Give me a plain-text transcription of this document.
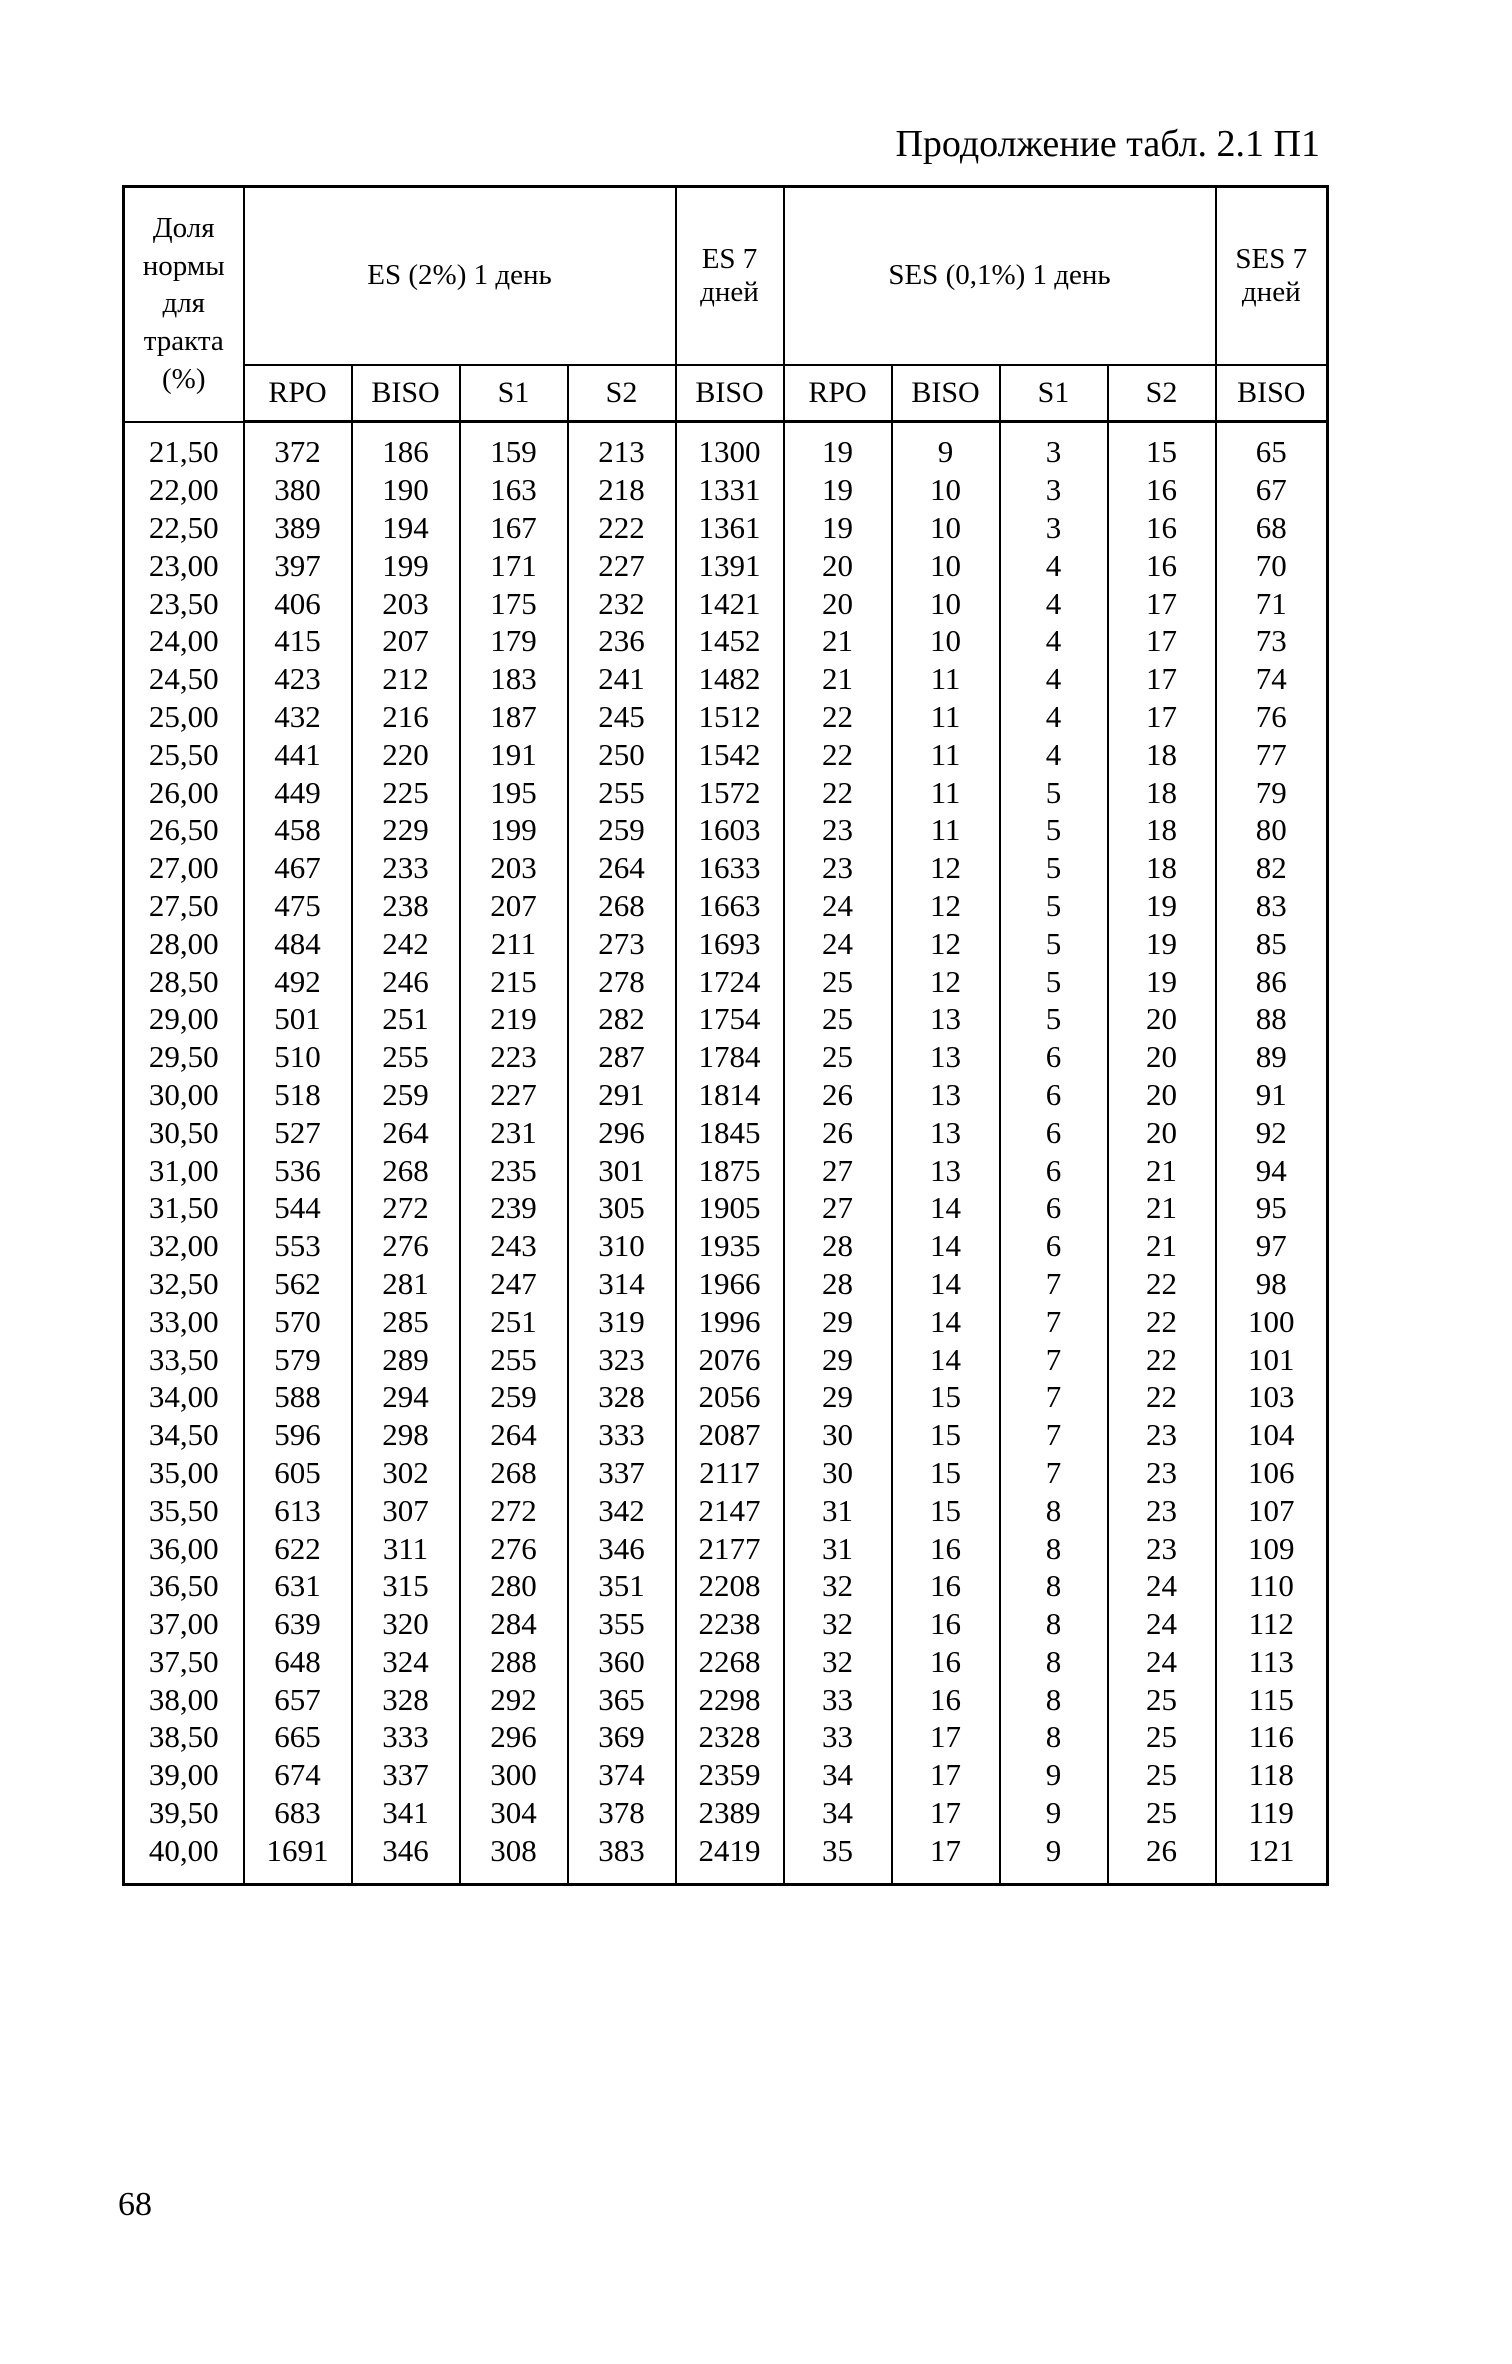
Продолжение табл. 2.1 П1
Доля нормы для тракта (%)	ES (2%) 1 день				ES 7 дней	SES (0,1%) 1 день				SES 7 дней
	RPO	BISO	S1	S2	BISO	RPO	BISO	S1	S2	BISO
21,50	372	186	159	213	1300	19	9	3	15	65
22,00	380	190	163	218	1331	19	10	3	16	67
22,50	389	194	167	222	1361	19	10	3	16	68
23,00	397	199	171	227	1391	20	10	4	16	70
23,50	406	203	175	232	1421	20	10	4	17	71
24,00	415	207	179	236	1452	21	10	4	17	73
24,50	423	212	183	241	1482	21	11	4	17	74
25,00	432	216	187	245	1512	22	11	4	17	76
25,50	441	220	191	250	1542	22	11	4	18	77
26,00	449	225	195	255	1572	22	11	5	18	79
26,50	458	229	199	259	1603	23	11	5	18	80
27,00	467	233	203	264	1633	23	12	5	18	82
27,50	475	238	207	268	1663	24	12	5	19	83
28,00	484	242	211	273	1693	24	12	5	19	85
28,50	492	246	215	278	1724	25	12	5	19	86
29,00	501	251	219	282	1754	25	13	5	20	88
29,50	510	255	223	287	1784	25	13	6	20	89
30,00	518	259	227	291	1814	26	13	6	20	91
30,50	527	264	231	296	1845	26	13	6	20	92
31,00	536	268	235	301	1875	27	13	6	21	94
31,50	544	272	239	305	1905	27	14	6	21	95
32,00	553	276	243	310	1935	28	14	6	21	97
32,50	562	281	247	314	1966	28	14	7	22	98
33,00	570	285	251	319	1996	29	14	7	22	100
33,50	579	289	255	323	2076	29	14	7	22	101
34,00	588	294	259	328	2056	29	15	7	22	103
34,50	596	298	264	333	2087	30	15	7	23	104
35,00	605	302	268	337	2117	30	15	7	23	106
35,50	613	307	272	342	2147	31	15	8	23	107
36,00	622	311	276	346	2177	31	16	8	23	109
36,50	631	315	280	351	2208	32	16	8	24	110
37,00	639	320	284	355	2238	32	16	8	24	112
37,50	648	324	288	360	2268	32	16	8	24	113
38,00	657	328	292	365	2298	33	16	8	25	115
38,50	665	333	296	369	2328	33	17	8	25	116
39,00	674	337	300	374	2359	34	17	9	25	118
39,50	683	341	304	378	2389	34	17	9	25	119
40,00	1691	346	308	383	2419	35	17	9	26	121
68
